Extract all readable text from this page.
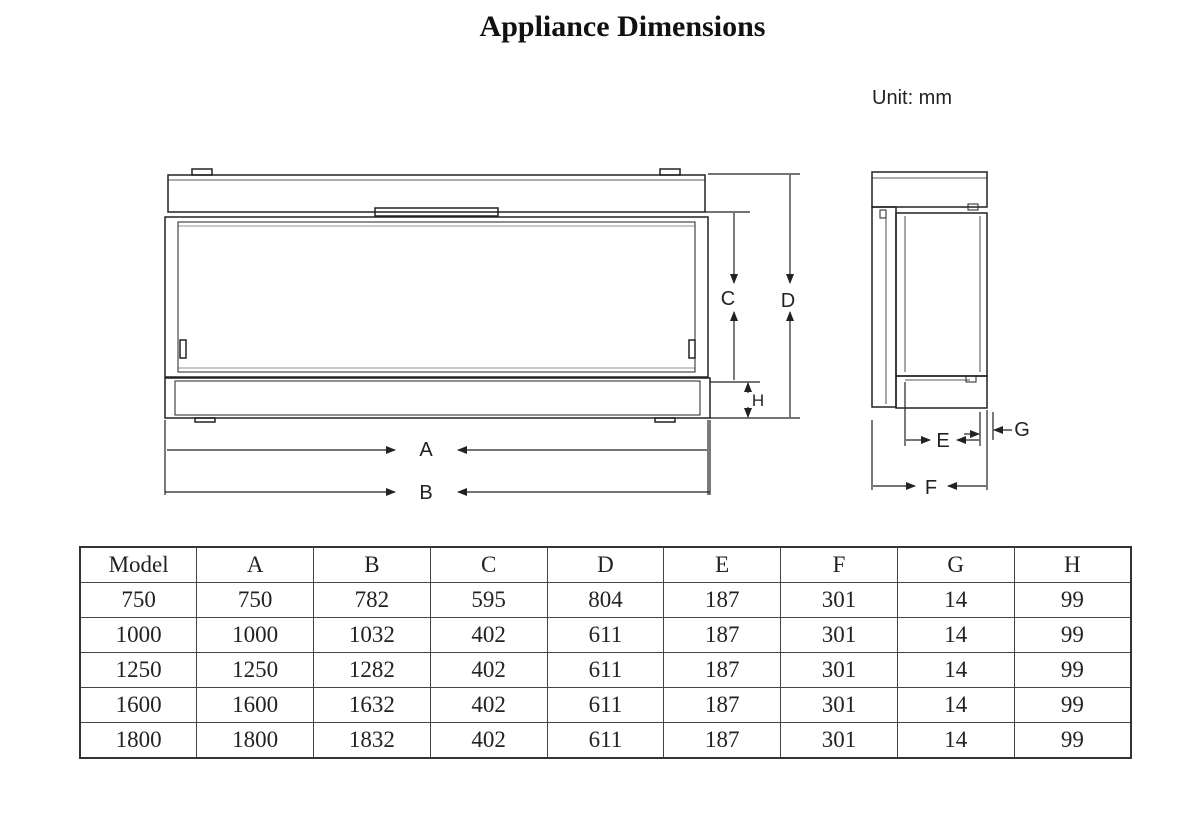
Appliance Dimensions
Unit: mm
C D
H
A
B
E	G
F
Model	A	B	C	D	E	F	G	H
750	750	782	595	804	187	301	14	99
1000	1000	1032	402	611	187	301	14	99
1250	1250	1282	402	611	187	301	14	99
1600	1600	1632	402	611	187	301	14	99
1800	1800	1832	402	611	187	301	14	99
